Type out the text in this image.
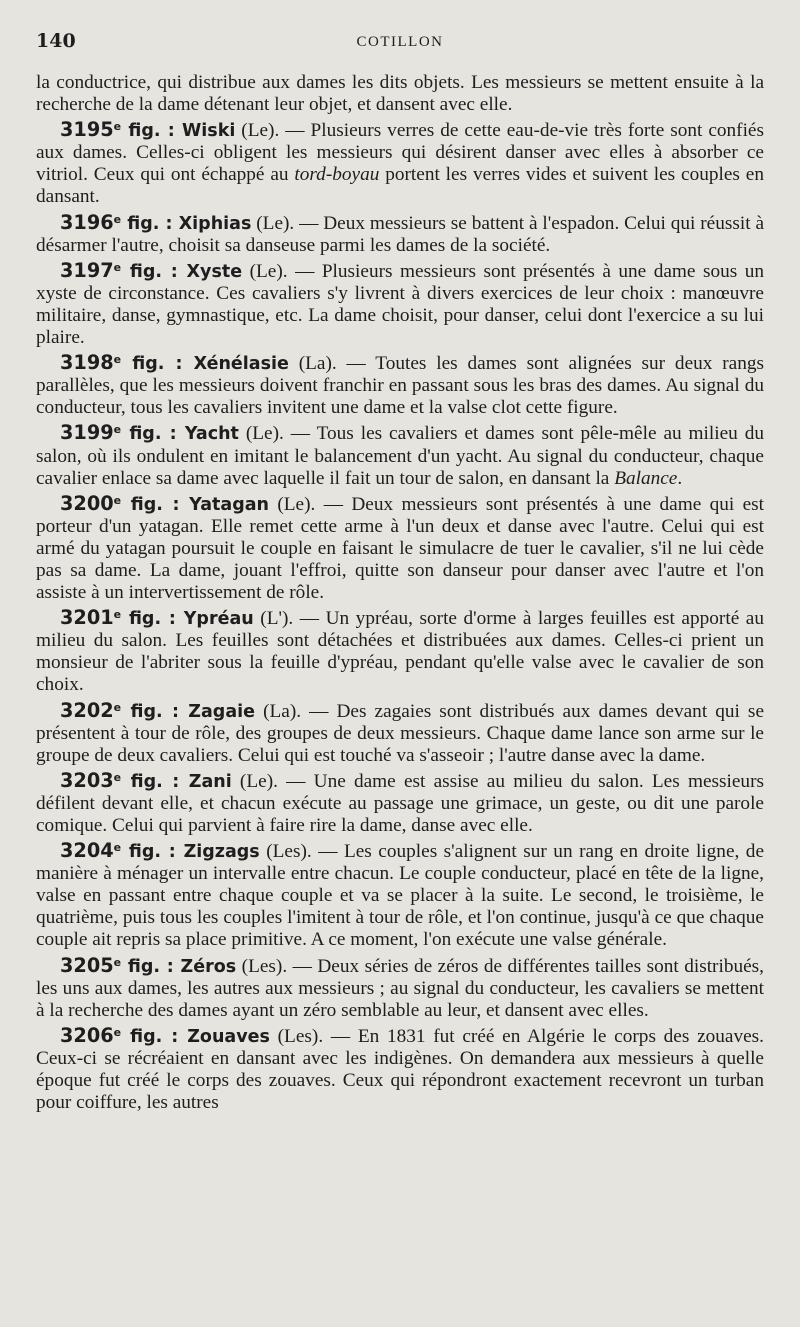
140	COTILLON

la conductrice, qui distribue aux dames les dits objets. Les messieurs se mettent ensuite à la recherche de la dame détenant leur objet, et dansent avec elle.

3195e fig. : Wiski (Le). — Plusieurs verres de cette eau-de-vie très forte sont confiés aux dames. Celles-ci obligent les messieurs qui désirent danser avec elles à absorber ce vitriol. Ceux qui ont échappé au tord-boyau portent les verres vides et suivent les couples en dansant.

3196e fig. : Xiphias (Le). — Deux messieurs se battent à l'espadon. Celui qui réussit à désarmer l'autre, choisit sa danseuse parmi les dames de la société.

3197e fig. : Xyste (Le). — Plusieurs messieurs sont présentés à une dame sous un xyste de circonstance. Ces cavaliers s'y livrent à divers exercices de leur choix : manœuvre militaire, danse, gymnastique, etc. La dame choisit, pour danser, celui dont l'exercice a su lui plaire.

3198e fig. : Xénélasie (La). — Toutes les dames sont alignées sur deux rangs parallèles, que les messieurs doivent franchir en passant sous les bras des dames. Au signal du conducteur, tous les cavaliers invitent une dame et la valse clot cette figure.

3199e fig. : Yacht (Le). — Tous les cavaliers et dames sont pêle-mêle au milieu du salon, où ils ondulent en imitant le balancement d'un yacht. Au signal du conducteur, chaque cavalier enlace sa dame avec laquelle il fait un tour de salon, en dansant la Balance.

3200e fig. : Yatagan (Le). — Deux messieurs sont présentés à une dame qui est porteur d'un yatagan. Elle remet cette arme à l'un deux et danse avec l'autre. Celui qui est armé du yatagan poursuit le couple en faisant le simulacre de tuer le cavalier, s'il ne lui cède pas sa dame. La dame, jouant l'effroi, quitte son danseur pour danser avec l'autre et l'on assiste à un intervertissement de rôle.

3201e fig. : Ypréau (L'). — Un ypréau, sorte d'orme à larges feuilles est apporté au milieu du salon. Les feuilles sont détachées et distribuées aux dames. Celles-ci prient un monsieur de l'abriter sous la feuille d'ypréau, pendant qu'elle valse avec le cavalier de son choix.

3202e fig. : Zagaie (La). — Des zagaies sont distribués aux dames devant qui se présentent à tour de rôle, des groupes de deux messieurs. Chaque dame lance son arme sur le groupe de deux cavaliers. Celui qui est touché va s'asseoir ; l'autre danse avec la dame.

3203e fig. : Zani (Le). — Une dame est assise au milieu du salon. Les messieurs défilent devant elle, et chacun exécute au passage une grimace, un geste, ou dit une parole comique. Celui qui parvient à faire rire la dame, danse avec elle.

3204e fig. : Zigzags (Les). — Les couples s'alignent sur un rang en droite ligne, de manière à ménager un intervalle entre chacun. Le couple conducteur, placé en tête de la ligne, valse en passant entre chaque couple et va se placer à la suite. Le second, le troisième, le quatrième, puis tous les couples l'imitent à tour de rôle, et l'on continue, jusqu'à ce que chaque couple ait repris sa place primitive. A ce moment, l'on exécute une valse générale.

3205e fig. : Zéros (Les). — Deux séries de zéros de différentes tailles sont distribués, les uns aux dames, les autres aux messieurs ; au signal du conducteur, les cavaliers se mettent à la recherche des dames ayant un zéro semblable au leur, et dansent avec elles.

3206e fig. : Zouaves (Les). — En 1831 fut créé en Algérie le corps des zouaves. Ceux-ci se récréaient en dansant avec les indigènes. On demandera aux messieurs à quelle époque fut créé le corps des zouaves. Ceux qui répondront exactement recevront un turban pour coiffure, les autres
